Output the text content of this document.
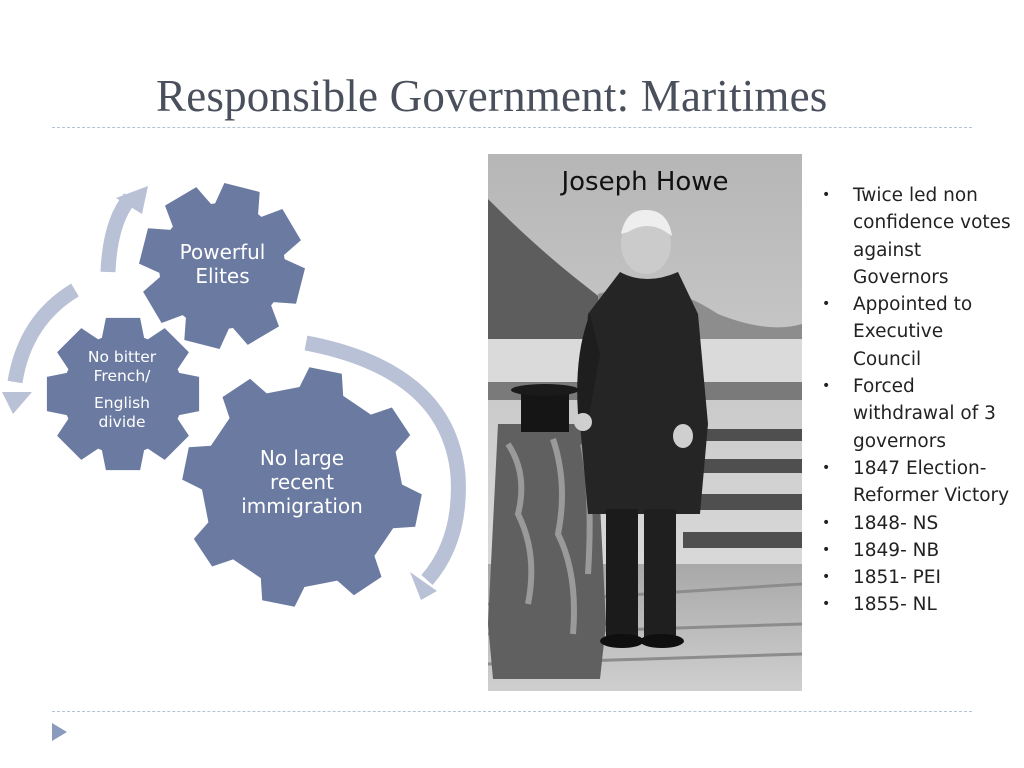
Responsible Government: Maritimes
Powerful
Elites
No bitter
French/
English
divide
No large
recent
immigration
Joseph Howe
•	Twice led non confidence votes against Governors
• Appointed to Executive Council
• Forced withdrawal of 3 governors
• 1847 Election-Reformer Victory
• 1848- NS
• 1849- NB
• 1851- PEI
• 1855- NL
